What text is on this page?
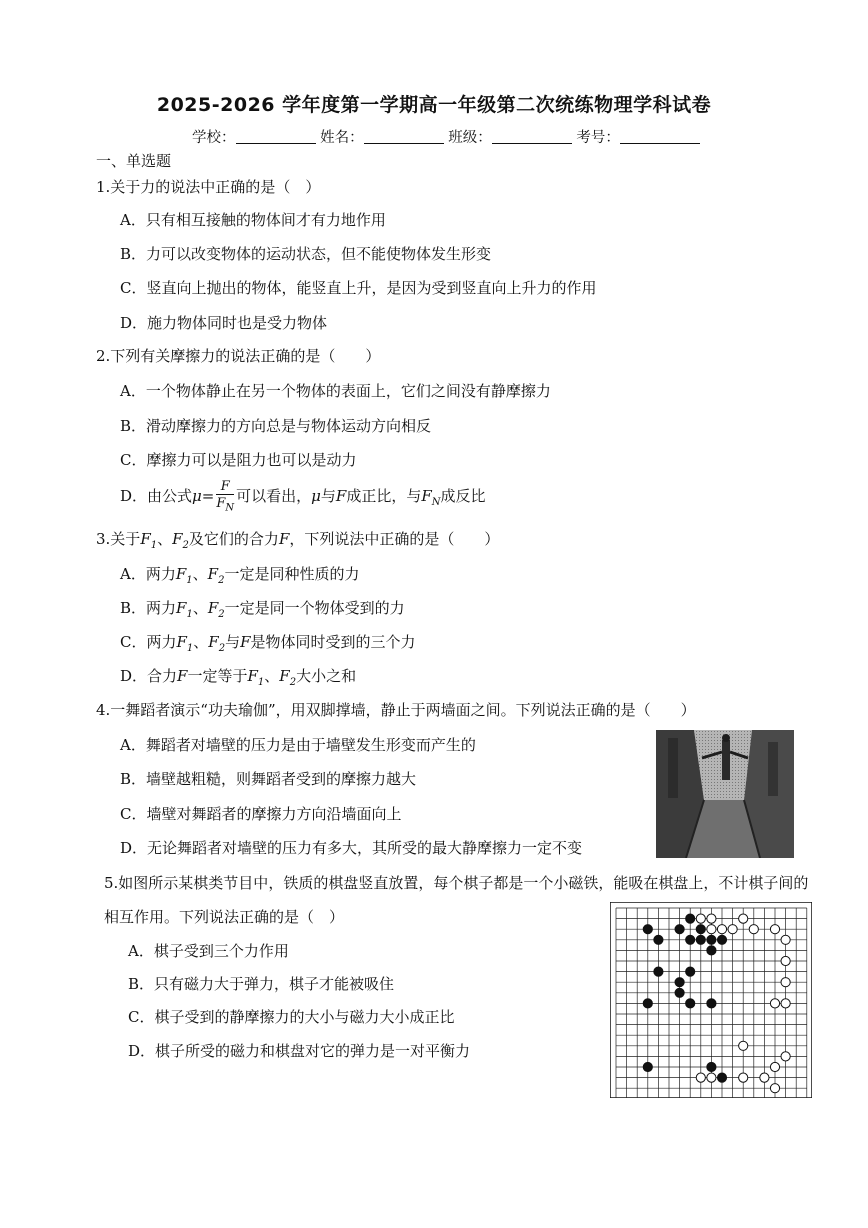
2025-2026 学年度第一学期高一年级第二次统练物理学科试卷
学校：	姓名：	班级：	考号：
一、单选题
1.关于力的说法中正确的是（　）
A．只有相互接触的物体间才有力地作用
B．力可以改变物体的运动状态，但不能使物体发生形变
C．竖直向上抛出的物体，能竖直上升，是因为受到竖直向上升力的作用
D．施力物体同时也是受力物体
2.下列有关摩擦力的说法正确的是（　　）
A．一个物体静止在另一个物体的表面上，它们之间没有静摩擦力
B．滑动摩擦力的方向总是与物体运动方向相反
C．摩擦力可以是阻力也可以是动力
D．由公式$\mu= \frac{F}{F_N}$ 可以看出，μ与F成正比，与$F_N$成反比
3.关于$F_1$、$F_2$及它们的合力F，下列说法中正确的是（　　）
A．两力$F_1$、$F_2$一定是同种性质的力
B．两力$F_1$、$F_2$一定是同一个物体受到的力
C．两力$F_1$、$F_2$与F是物体同时受到的三个力
D．合力F一定等于$F_1$、$F_2$大小之和
4.一舞蹈者演示“功夫瑜伽”，用双脚撑墙，静止于两墙面之间。下列说法正确的是（　　）
A．舞蹈者对墙壁的压力是由于墙壁发生形变而产生的
B．墙壁越粗糙，则舞蹈者受到的摩擦力越大
C．墙壁对舞蹈者的摩擦力方向沿墙面向上
D．无论舞蹈者对墙壁的压力有多大，其所受的最大静摩擦力一定不变
5.如图所示某棋类节目中，铁质的棋盘竖直放置，每个棋子都是一个小磁铁，能吸在棋盘上，不计棋子间的
相互作用。下列说法正确的是（　）
A．棋子受到三个力作用
B．只有磁力大于弹力，棋子才能被吸住
C．棋子受到的静摩擦力的大小与磁力大小成正比
D．棋子所受的磁力和棋盘对它的弹力是一对平衡力
